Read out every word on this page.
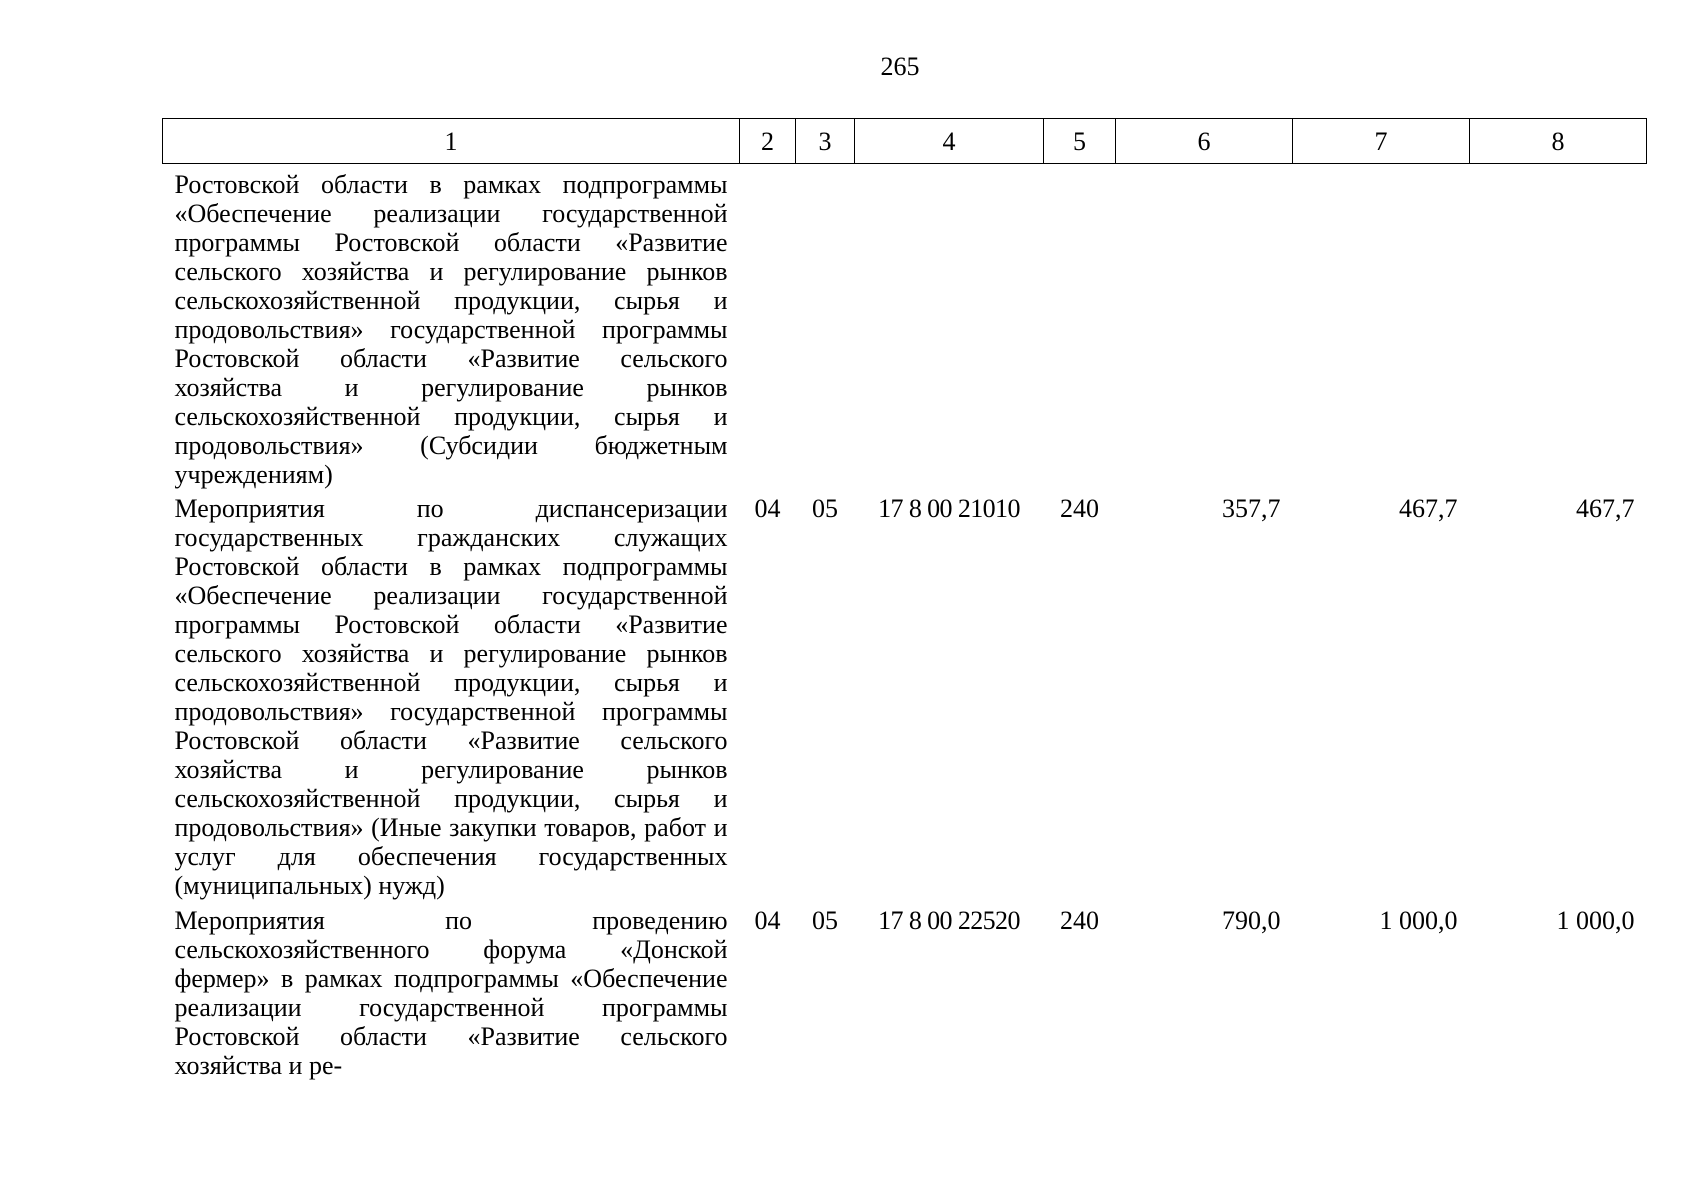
265
1	2	3	4	5	6	7	8

Ростовской области в рамках подпрограммы «Обеспечение реализации государственной программы Ростовской области «Развитие сельского хозяйства и регулирование рынков сельскохозяйственной продукции, сырья и продовольствия» государственной программы Ростовской области «Развитие сельского хозяйства и регулирование рынков сельскохозяйственной продукции, сырья и продовольствия» (Субсидии бюджетным учреждениям)							

Мероприятия по диспансеризации государственных гражданских служащих Ростовской области в рамках подпрограммы «Обеспечение реализации государственной программы Ростовской области «Развитие сельского хозяйства и регулирование рынков сельскохозяйственной продукции, сырья и продовольствия» государственной программы Ростовской области «Развитие сельского хозяйства и регулирование рынков сельскохозяйственной продукции, сырья и продовольствия» (Иные закупки товаров, работ и услуг для обеспечения государственных (муниципальных) нужд)	04	05	17 8 00 21010	240	357,7	467,7	467,7
Мероприятия по проведению сельскохозяйственного форума «Донской фермер» в рамках подпрограммы «Обеспечение реализации государственной программы Ростовской области «Развитие сельского хозяйства и ре-	04	05	17 8 00 22520	240	790,0	1 000,0	1 000,0
